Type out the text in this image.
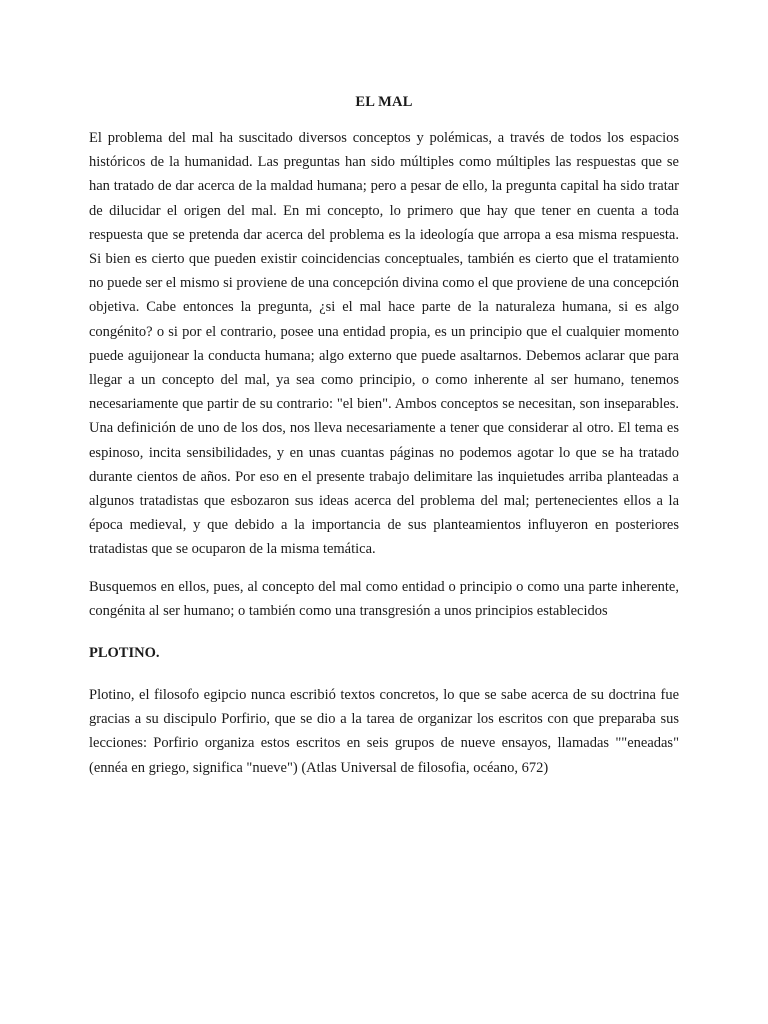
EL MAL

El problema del mal ha suscitado diversos conceptos y polémicas, a través de todos los espacios históricos de la humanidad. Las preguntas han sido múltiples como múltiples las respuestas que se han tratado de dar acerca de la maldad humana; pero a pesar de ello, la pregunta capital ha sido tratar de dilucidar el origen del mal. En mi concepto, lo primero que hay que tener en cuenta a toda respuesta que se pretenda dar acerca del problema es la ideología que arropa a esa misma respuesta. Si bien es cierto que pueden existir coincidencias conceptuales, también es cierto que el tratamiento no puede ser el mismo si proviene de una concepción divina como el que proviene de una concepción objetiva. Cabe entonces la pregunta, ¿si el mal hace parte de la naturaleza humana, si es algo congénito? o si por el contrario, posee una entidad propia, es un principio que el cualquier momento puede aguijonear la conducta humana; algo externo que puede asaltarnos. Debemos aclarar que para llegar a un concepto del mal, ya sea como principio, o como inherente al ser humano, tenemos necesariamente que partir de su contrario: "el bien". Ambos conceptos se necesitan, son inseparables. Una definición de uno de los dos, nos lleva necesariamente a tener que considerar al otro. El tema es espinoso, incita sensibilidades, y en unas cuantas páginas no podemos agotar lo que se ha tratado durante cientos de años. Por eso en el presente trabajo delimitare las inquietudes arriba planteadas a algunos tratadistas que esbozaron sus ideas acerca del problema del mal; pertenecientes ellos a la época medieval, y que debido a la importancia de sus planteamientos influyeron en posteriores tratadistas que se ocuparon de la misma temática.

Busquemos en ellos, pues, al concepto del mal como entidad o principio o como una parte inherente, congénita al ser humano; o también como una transgresión a unos principios establecidos

PLOTINO.

Plotino, el filosofo egipcio nunca escribió textos concretos, lo que se sabe acerca de su doctrina fue gracias a su discipulo Porfirio, que se dio a la tarea de organizar los escritos con que preparaba sus lecciones: Porfirio organiza estos escritos en seis grupos de nueve ensayos, llamadas ""eneadas" (ennéa en griego, significa "nueve") (Atlas Universal de filosofia, océano, 672)
